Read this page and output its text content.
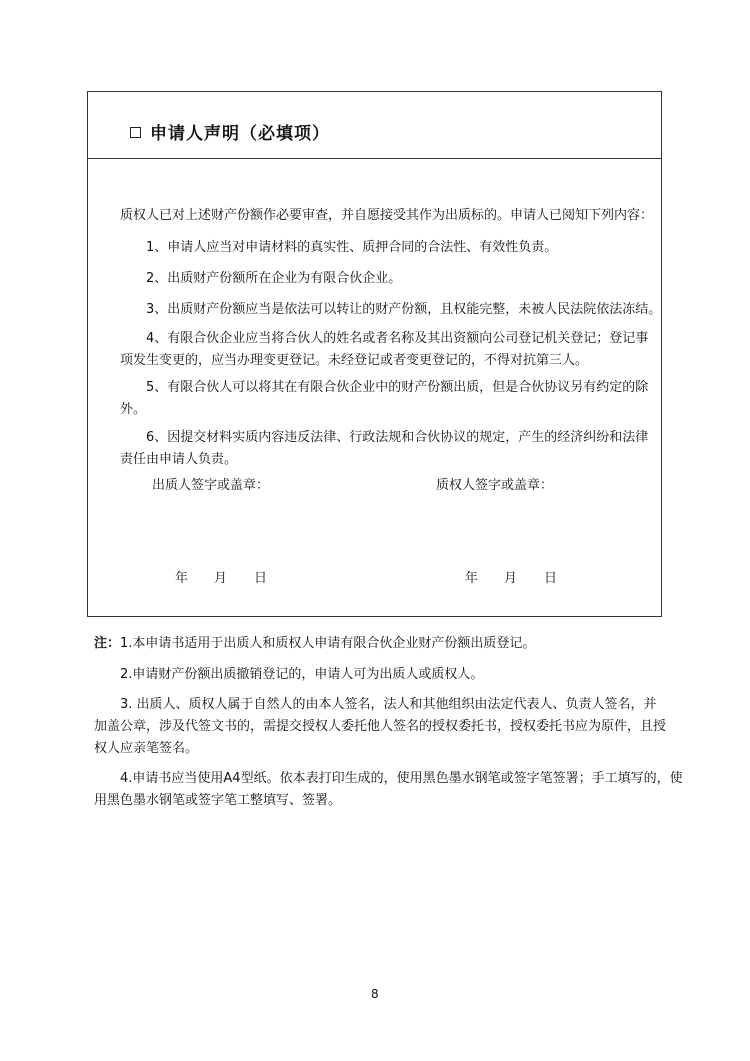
申请人声明（必填项）
质权人已对上述财产份额作必要审查，并自愿接受其作为出质标的。申请人已阅知下列内容：
1、申请人应当对申请材料的真实性、质押合同的合法性、有效性负责。
2、出质财产份额所在企业为有限合伙企业。
3、出质财产份额应当是依法可以转让的财产份额，且权能完整，未被人民法院依法冻结。
4、有限合伙企业应当将合伙人的姓名或者名称及其出资额向公司登记机关登记；登记事项发生变更的，应当办理变更登记。未经登记或者变更登记的，不得对抗第三人。
5、有限合伙人可以将其在有限合伙企业中的财产份额出质，但是合伙协议另有约定的除外。
6、因提交材料实质内容违反法律、行政法规和合伙协议的规定，产生的经济纠纷和法律责任由申请人负责。
出质人签字或盖章：	质权人签字或盖章：
年 月 日	年 月 日
注： 1.本申请书适用于出质人和质权人申请有限合伙企业财产份额出质登记。
2.申请财产份额出质撤销登记的，申请人可为出质人或质权人。
3. 出质人、质权人属于自然人的由本人签名，法人和其他组织由法定代表人、负责人签名，并加盖公章，涉及代签文书的，需提交授权人委托他人签名的授权委托书，授权委托书应为原件，且授权人应亲笔签名。
4.申请书应当使用A4型纸。依本表打印生成的，使用黑色墨水钢笔或签字笔签署；手工填写的，使用黑色墨水钢笔或签字笔工整填写、签署。
8
